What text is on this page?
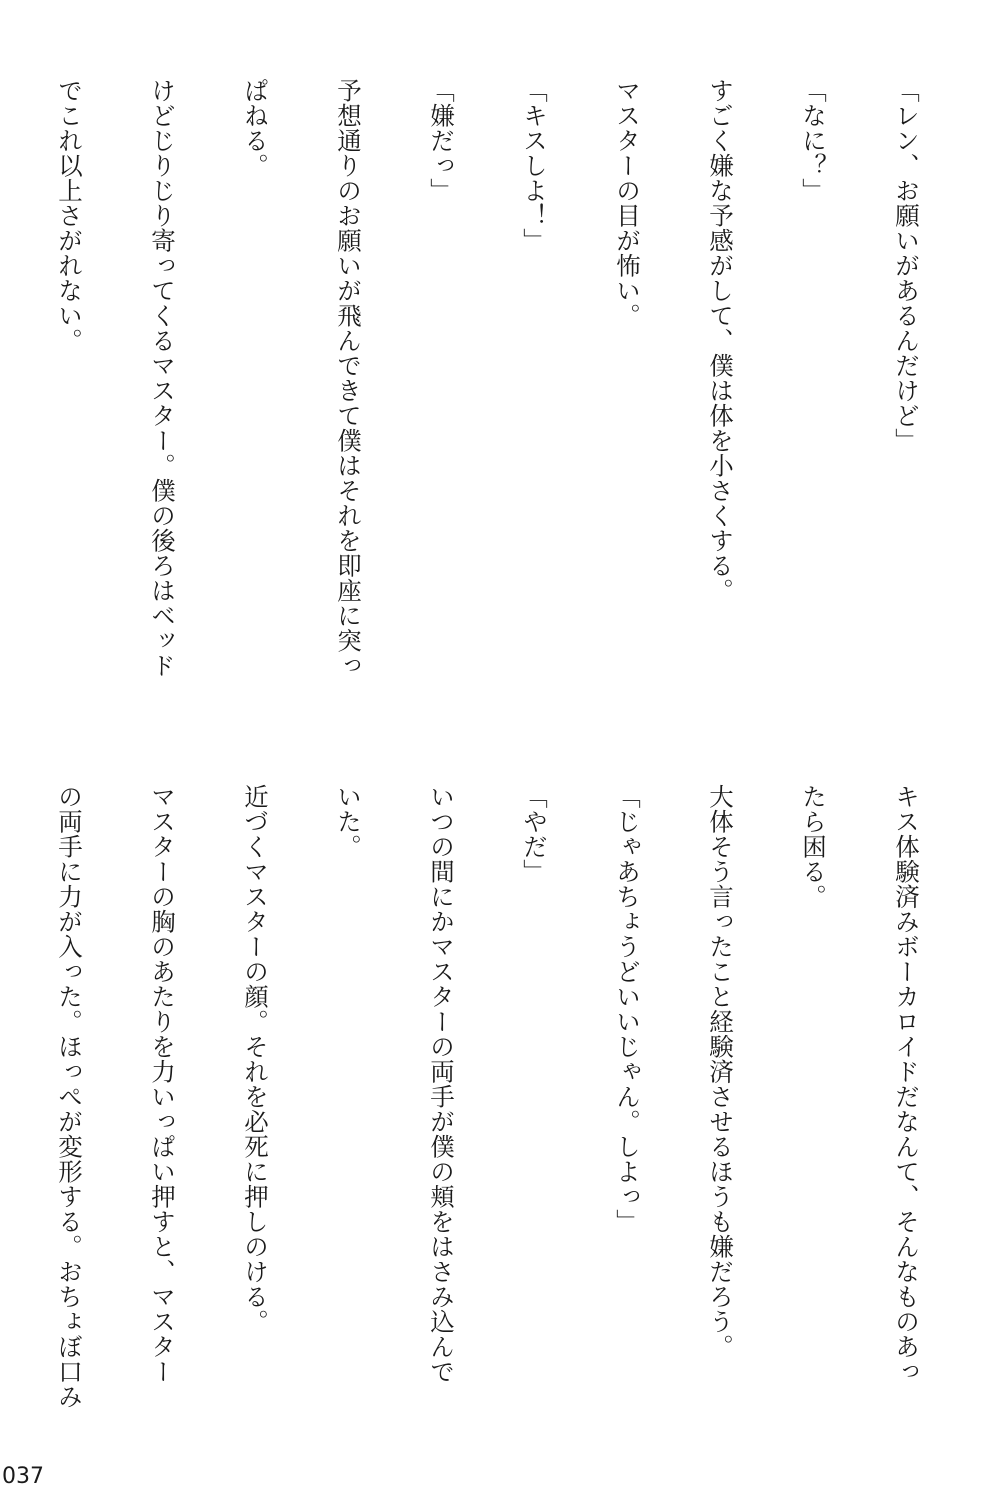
「レン、お願いがあるんだけど」

「なに？」

すごく嫌な予感がして、僕は体を小さくする。

マスターの目が怖い。

「キスしよ！」

「嫌だっ」

予想通りのお願いが飛んできて僕はそれを即座に突っ

ぱねる。

けどじりじり寄ってくるマスター。僕の後ろはベッド

でこれ以上さがれない。

キス体験済みボーカロイドだなんて、そんなものあっ

たら困る。

大体そう言ったこと経験済させるほうも嫌だろう。

「じゃあちょうどいいじゃん。しよっ」

「やだ」

いつの間にかマスターの両手が僕の頬をはさみ込んで

いた。

近づくマスターの顔。それを必死に押しのける。

マスターの胸のあたりを力いっぱい押すと、マスター

の両手に力が入った。ほっぺが変形する。おちょぼ口み

037
